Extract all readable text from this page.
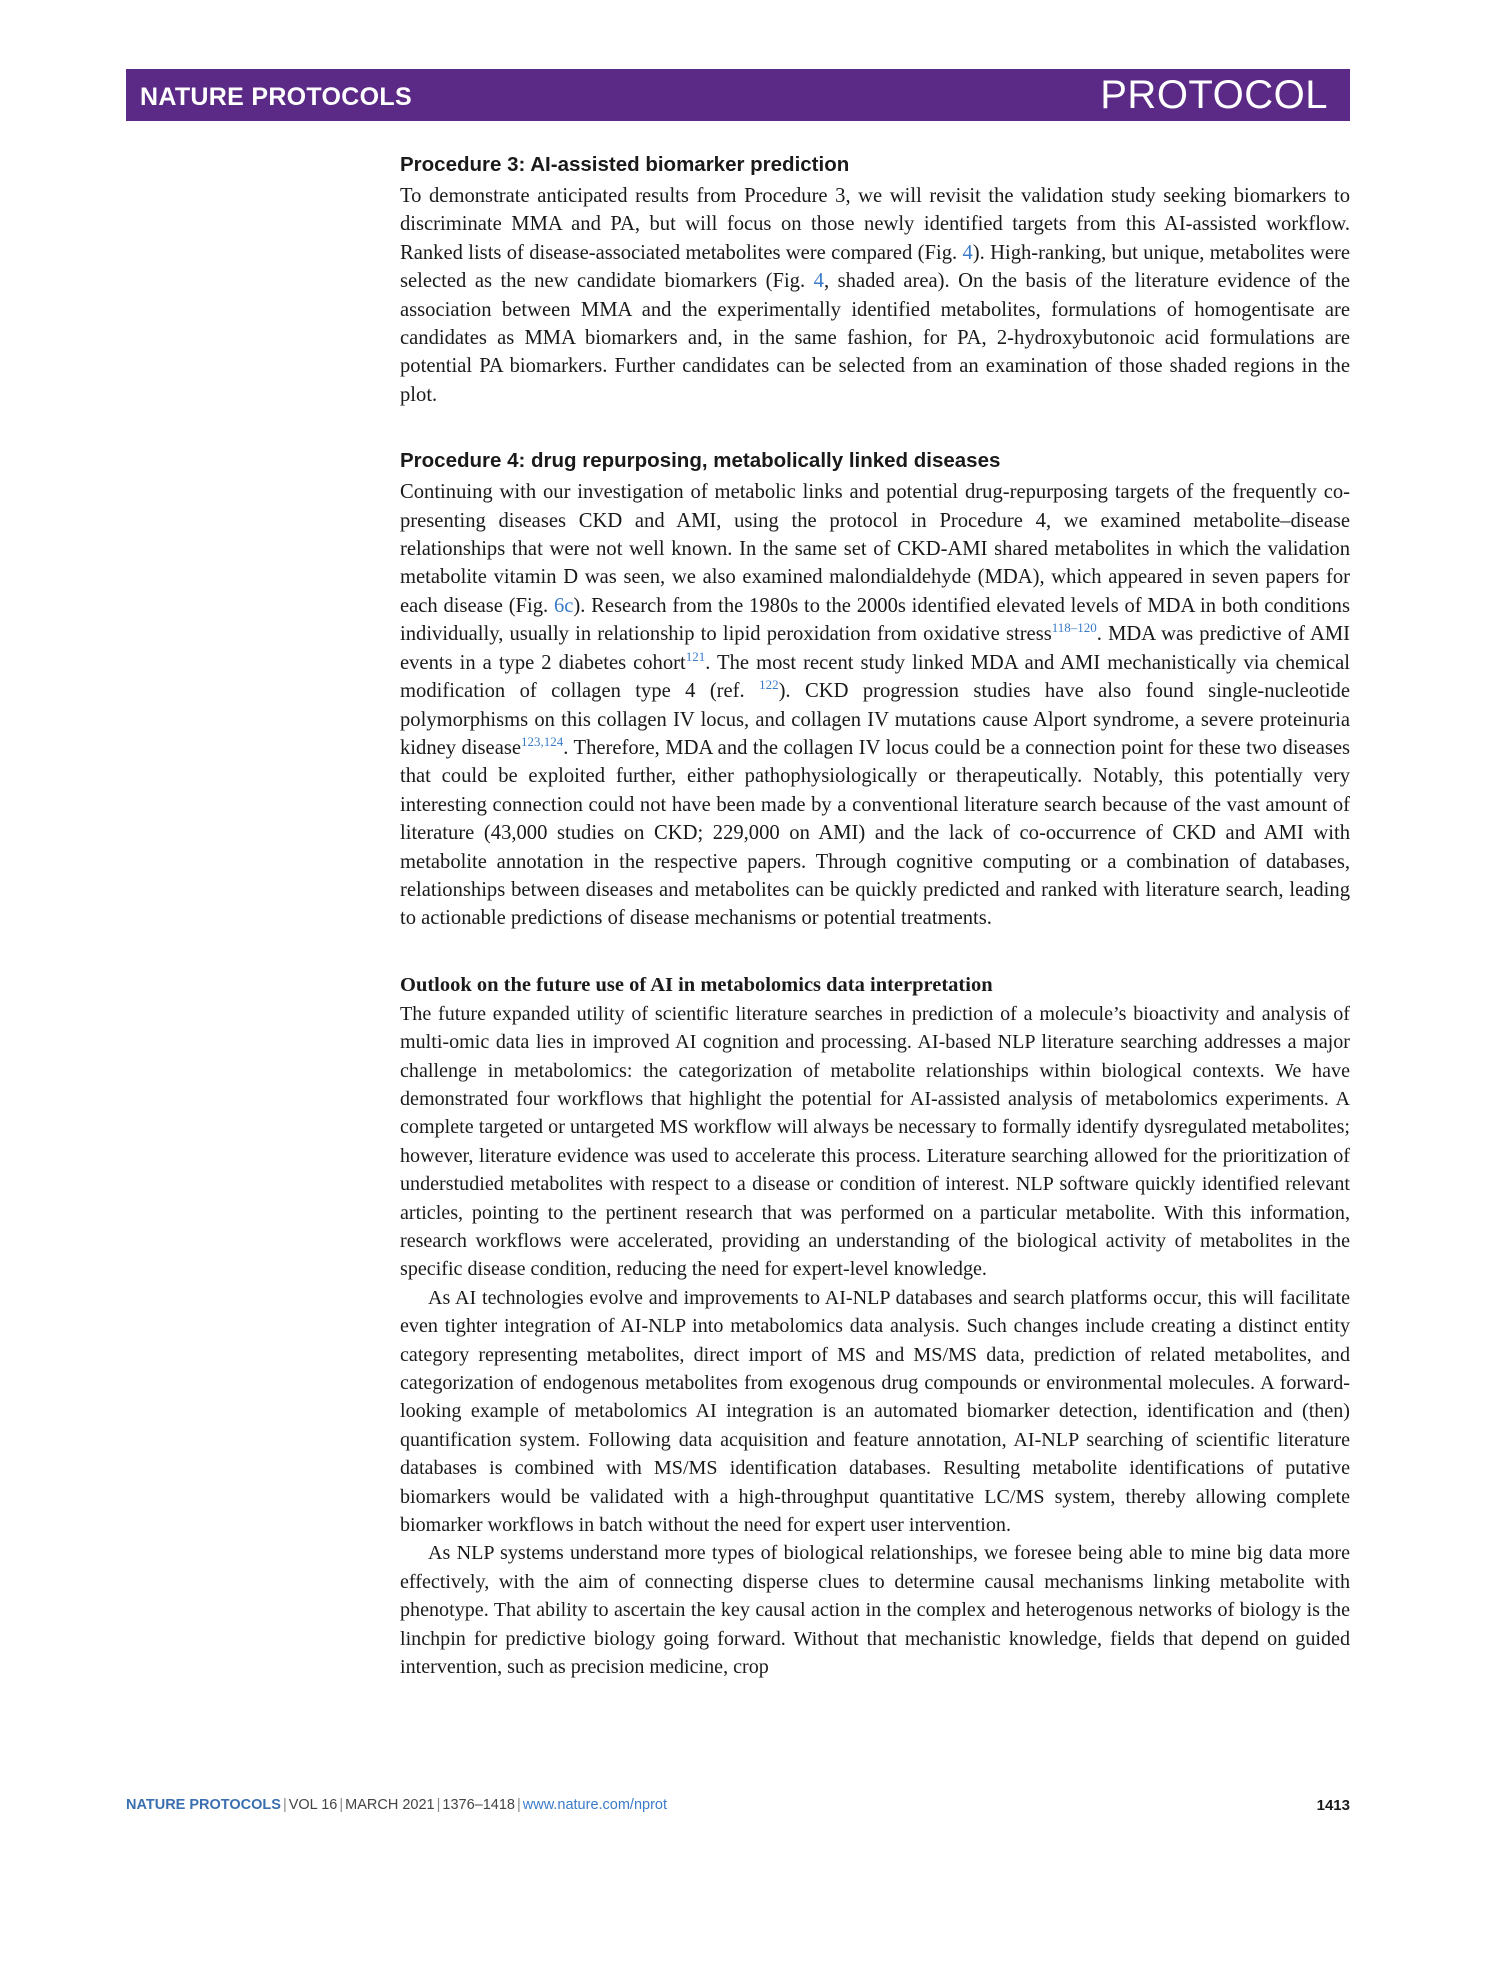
NATURE PROTOCOLS	PROTOCOL
Procedure 3: AI-assisted biomarker prediction

To demonstrate anticipated results from Procedure 3, we will revisit the validation study seeking biomarkers to discriminate MMA and PA, but will focus on those newly identified targets from this AI-assisted workflow. Ranked lists of disease-associated metabolites were compared (Fig. 4). High-ranking, but unique, metabolites were selected as the new candidate biomarkers (Fig. 4, shaded area). On the basis of the literature evidence of the association between MMA and the experimentally identified metabolites, formulations of homogentisate are candidates as MMA biomarkers and, in the same fashion, for PA, 2-hydroxybutonoic acid formulations are potential PA biomarkers. Further candidates can be selected from an examination of those shaded regions in the plot.

Procedure 4: drug repurposing, metabolically linked diseases

Continuing with our investigation of metabolic links and potential drug-repurposing targets of the frequently co-presenting diseases CKD and AMI, using the protocol in Procedure 4, we examined metabolite–disease relationships that were not well known. In the same set of CKD-AMI shared metabolites in which the validation metabolite vitamin D was seen, we also examined malondialdehyde (MDA), which appeared in seven papers for each disease (Fig. 6c). Research from the 1980s to the 2000s identified elevated levels of MDA in both conditions individually, usually in relationship to lipid peroxidation from oxidative stress$^{118-120}$. MDA was predictive of AMI events in a type 2 diabetes cohort$^{121}$. The most recent study linked MDA and AMI mechanistically via chemical modification of collagen type 4 (ref. $^{122}$). CKD progression studies have also found single-nucleotide polymorphisms on this collagen IV locus, and collagen IV mutations cause Alport syndrome, a severe proteinuria kidney disease$^{123,124}$. Therefore, MDA and the collagen IV locus could be a connection point for these two diseases that could be exploited further, either pathophysiologically or therapeutically. Notably, this potentially very interesting connection could not have been made by a conventional literature search because of the vast amount of literature (43,000 studies on CKD; 229,000 on AMI) and the lack of co-occurrence of CKD and AMI with metabolite annotation in the respective papers. Through cognitive computing or a combination of databases, relationships between diseases and metabolites can be quickly predicted and ranked with literature search, leading to actionable predictions of disease mechanisms or potential treatments.

Outlook on the future use of AI in metabolomics data interpretation

The future expanded utility of scientific literature searches in prediction of a molecule’s bioactivity and analysis of multi-omic data lies in improved AI cognition and processing. AI-based NLP literature searching addresses a major challenge in metabolomics: the categorization of metabolite relationships within biological contexts. We have demonstrated four workflows that highlight the potential for AI-assisted analysis of metabolomics experiments. A complete targeted or untargeted MS workflow will always be necessary to formally identify dysregulated metabolites; however, literature evidence was used to accelerate this process. Literature searching allowed for the prioritization of understudied metabolites with respect to a disease or condition of interest. NLP software quickly identified relevant articles, pointing to the pertinent research that was performed on a particular metabolite. With this information, research workflows were accelerated, providing an understanding of the biological activity of metabolites in the specific disease condition, reducing the need for expert-level knowledge.

As AI technologies evolve and improvements to AI-NLP databases and search platforms occur, this will facilitate even tighter integration of AI-NLP into metabolomics data analysis. Such changes include creating a distinct entity category representing metabolites, direct import of MS and MS/MS data, prediction of related metabolites, and categorization of endogenous metabolites from exogenous drug compounds or environmental molecules. A forward-looking example of metabolomics AI integration is an automated biomarker detection, identification and (then) quantification system. Following data acquisition and feature annotation, AI-NLP searching of scientific literature databases is combined with MS/MS identification databases. Resulting metabolite identifications of putative biomarkers would be validated with a high-throughput quantitative LC/MS system, thereby allowing complete biomarker workflows in batch without the need for expert user intervention.

As NLP systems understand more types of biological relationships, we foresee being able to mine big data more effectively, with the aim of connecting disperse clues to determine causal mechanisms linking metabolite with phenotype. That ability to ascertain the key causal action in the complex and heterogenous networks of biology is the linchpin for predictive biology going forward. Without that mechanistic knowledge, fields that depend on guided intervention, such as precision medicine, crop

NATURE PROTOCOLS | VOL 16 | MARCH 2021 | 1376–1418 | www.nature.com/nprot	1413
